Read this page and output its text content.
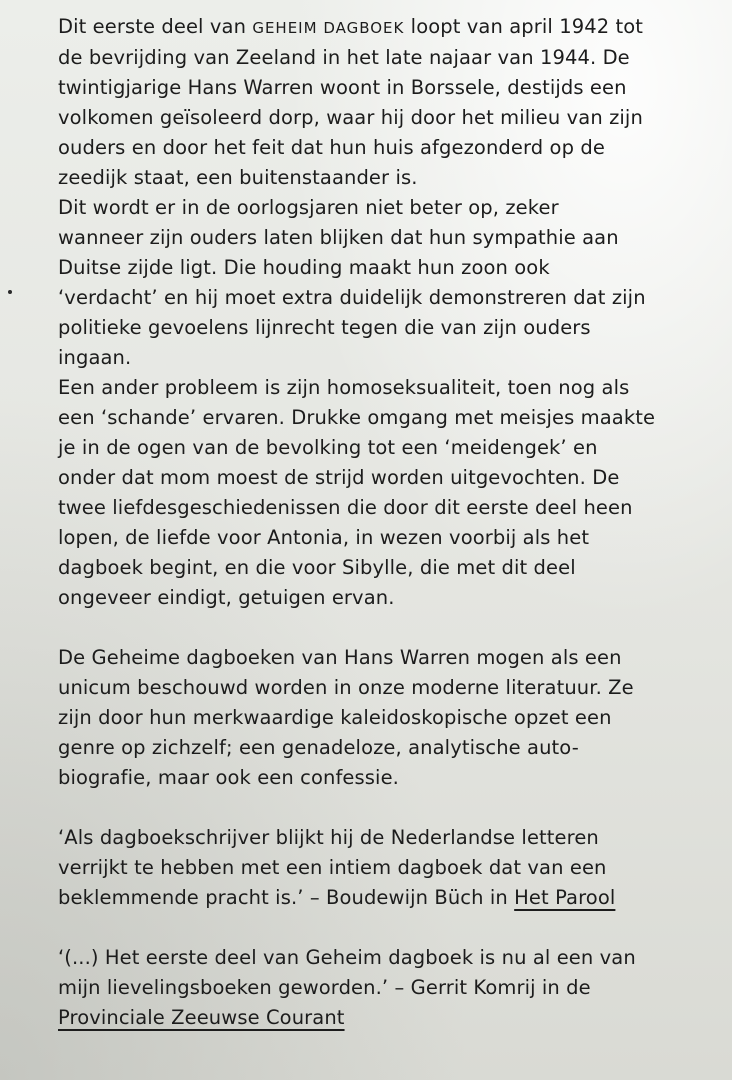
Dit eerste deel van GEHEIM DAGBOEK loopt van april 1942 tot
de bevrijding van Zeeland in het late najaar van 1944. De
twintigjarige Hans Warren woont in Borssele, destijds een
volkomen geïsoleerd dorp, waar hij door het milieu van zijn
ouders en door het feit dat hun huis afgezonderd op de
zeedijk staat, een buitenstaander is.

Dit wordt er in de oorlogsjaren niet beter op, zeker
wanneer zijn ouders laten blijken dat hun sympathie aan
Duitse zijde ligt. Die houding maakt hun zoon ook
‘verdacht’ en hij moet extra duidelijk demonstreren dat zijn
politieke gevoelens lijnrecht tegen die van zijn ouders
ingaan.

Een ander probleem is zijn homoseksualiteit, toen nog als
een ‘schande’ ervaren. Drukke omgang met meisjes maakte
je in de ogen van de bevolking tot een ‘meidengek’ en
onder dat mom moest de strijd worden uitgevochten. De
twee liefdesgeschiedenissen die door dit eerste deel heen
lopen, de liefde voor Antonia, in wezen voorbij als het
dagboek begint, en die voor Sibylle, die met dit deel
ongeveer eindigt, getuigen ervan.

De Geheime dagboeken van Hans Warren mogen als een
unicum beschouwd worden in onze moderne literatuur. Ze
zijn door hun merkwaardige kaleidoskopische opzet een
genre op zichzelf; een genadeloze, analytische auto-
biografie, maar ook een confessie.

‘Als dagboekschrijver blijkt hij de Nederlandse letteren
verrijkt te hebben met een intiem dagboek dat van een
beklemmende pracht is.’ – Boudewijn Büch in Het Parool

‘(...) Het eerste deel van Geheim dagboek is nu al een van
mijn lievelingsboeken geworden.’ – Gerrit Komrij in de
Provinciale Zeeuwse Courant
